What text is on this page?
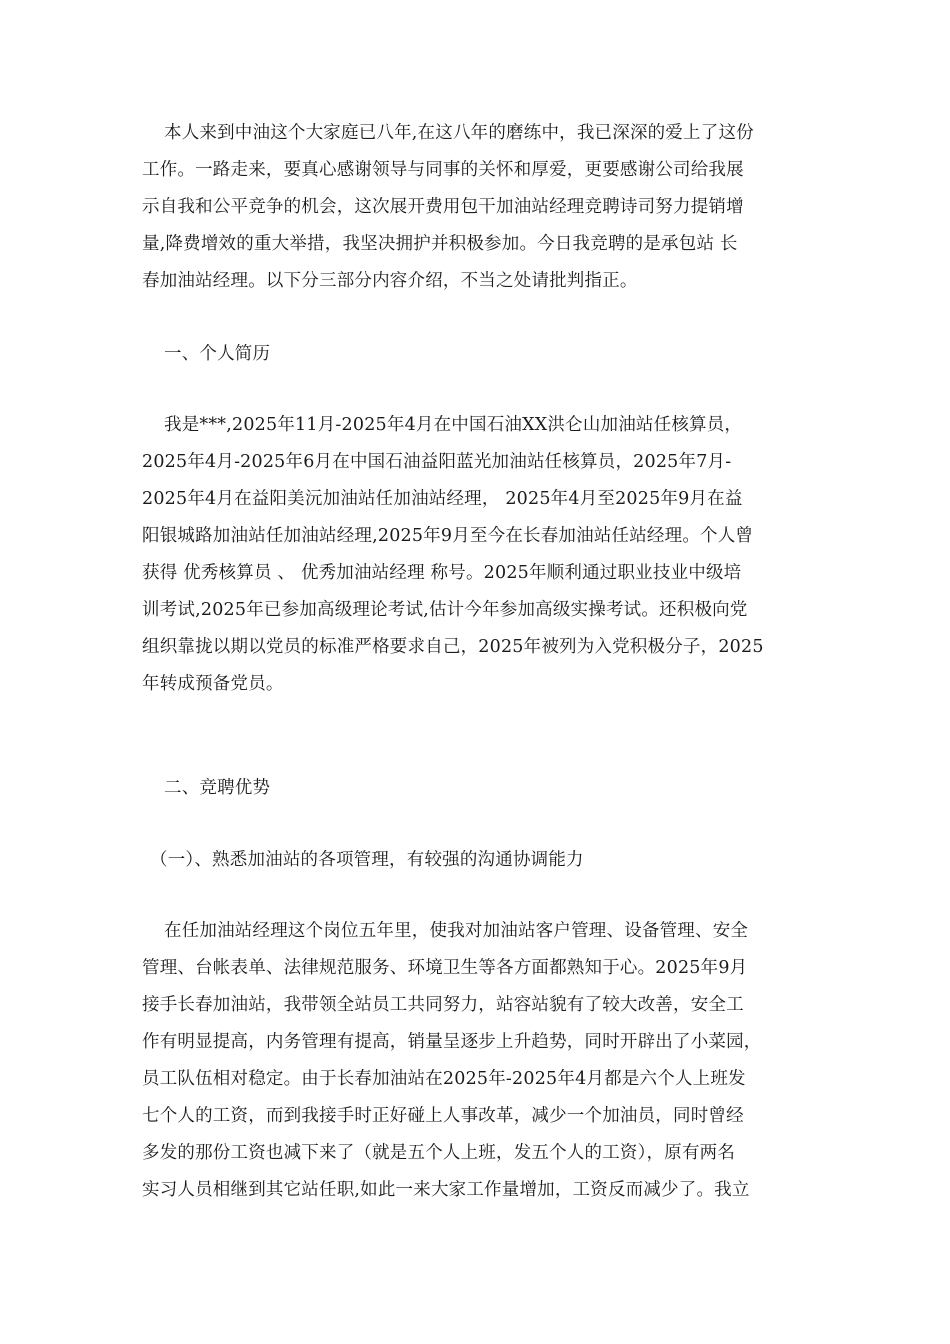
本人来到中油这个大家庭已八年,在这八年的磨练中，我已深深的爱上了这份
工作。一路走来，要真心感谢领导与同事的关怀和厚爱，更要感谢公司给我展
示自我和公平竞争的机会，这次展开费用包干加油站经理竞聘诗司努力提销增
量,降费增效的重大举措，我坚决拥护并积极参加。今日我竞聘的是承包站 长
春加油站经理。以下分三部分内容介绍，不当之处请批判指正。
一、个人简历
我是***,2025年11月-2025年4月在中国石油XX洪仑山加油站任核算员，
2025年4月-2025年6月在中国石油益阳蓝光加油站任核算员，2025年7月-
2025年4月在益阳美沅加油站任加油站经理， 2025年4月至2025年9月在益
阳银城路加油站任加油站经理,2025年9月至今在长春加油站任站经理。个人曾
获得 优秀核算员 、 优秀加油站经理 称号。2025年顺利通过职业技业中级培
训考试,2025年已参加高级理论考试,估计今年参加高级实操考试。还积极向党
组织靠拢以期以党员的标准严格要求自己，2025年被列为入党积极分子，2025
年转成预备党员。
二、竞聘优势
（一）、熟悉加油站的各项管理，有较强的沟通协调能力
在任加油站经理这个岗位五年里，使我对加油站客户管理、设备管理、安全
管理、台帐表单、法律规范服务、环境卫生等各方面都熟知于心。2025年9月
接手长春加油站，我带领全站员工共同努力，站容站貌有了较大改善，安全工
作有明显提高，内务管理有提高，销量呈逐步上升趋势，同时开辟出了小菜园，
员工队伍相对稳定。由于长春加油站在2025年-2025年4月都是六个人上班发
七个人的工资，而到我接手时正好碰上人事改革，减少一个加油员，同时曾经
多发的那份工资也减下来了（就是五个人上班，发五个人的工资），原有两名
实习人员相继到其它站任职,如此一来大家工作量增加，工资反而减少了。我立
